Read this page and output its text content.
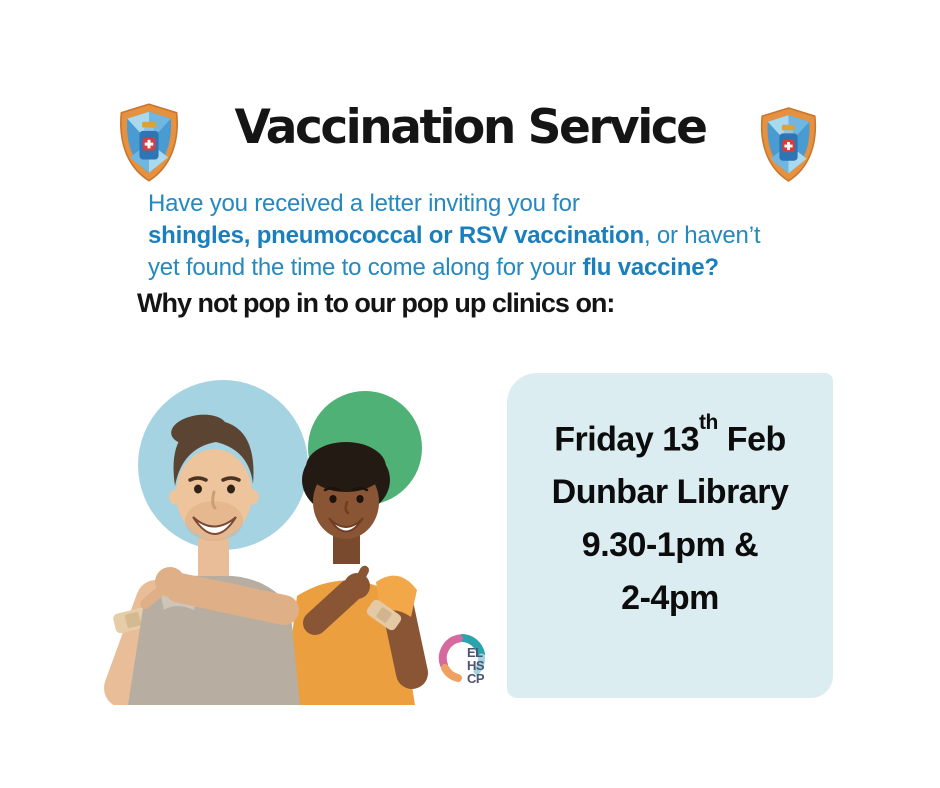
Vaccination Service

Have you received a letter inviting you for
shingles, pneumococcal or RSV vaccination, or haven’t
yet found the time to come along for your flu vaccine?

Why not pop in to our pop up clinics on:
EL
HS
CP
Friday 13th Feb
Dunbar Library
9.30-1pm &
2-4pm
